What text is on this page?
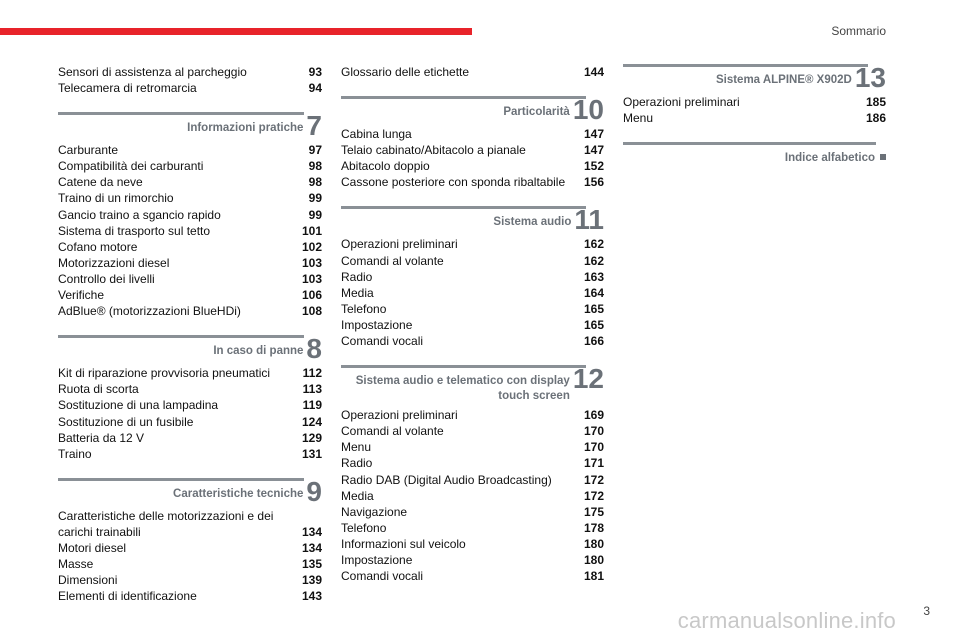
Sommario
Sensori di assistenza al parcheggio	93
Telecamera di retromarcia	94
Informazioni pratiche 7
Carburante	97
Compatibilità dei carburanti	98
Catene da neve	98
Traino di un rimorchio	99
Gancio traino a sgancio rapido	99
Sistema di trasporto sul tetto	101
Cofano motore	102
Motorizzazioni diesel	103
Controllo dei livelli	103
Verifiche	106
AdBlue® (motorizzazioni BlueHDi)	108
In caso di panne 8
Kit di riparazione provvisoria pneumatici	112
Ruota di scorta	113
Sostituzione di una lampadina	119
Sostituzione di un fusibile	124
Batteria da 12 V	129
Traino	131
Caratteristiche tecniche 9
Caratteristiche delle motorizzazioni e dei carichi trainabili	134
Motori diesel	134
Masse	135
Dimensioni	139
Elementi di identificazione	143
Glossario delle etichette	144
Particolarità 10
Cabina lunga	147
Telaio cabinato/Abitacolo a pianale	147
Abitacolo doppio	152
Cassone posteriore con sponda ribaltabile	156
Sistema audio 11
Operazioni preliminari	162
Comandi al volante	162
Radio	163
Media	164
Telefono	165
Impostazione	165
Comandi vocali	166
Sistema audio e telematico con display touch screen
12
Operazioni preliminari	169
Comandi al volante	170
Menu	170
Radio	171
Radio DAB (Digital Audio Broadcasting)	172
Media	172
Navigazione	175
Telefono	178
Informazioni sul veicolo	180
Impostazione	180
Comandi vocali	181
Sistema ALPINE® X902D 13
Operazioni preliminari	185
Menu	186
Indice alfabetico
carmanualsonline.info 3
